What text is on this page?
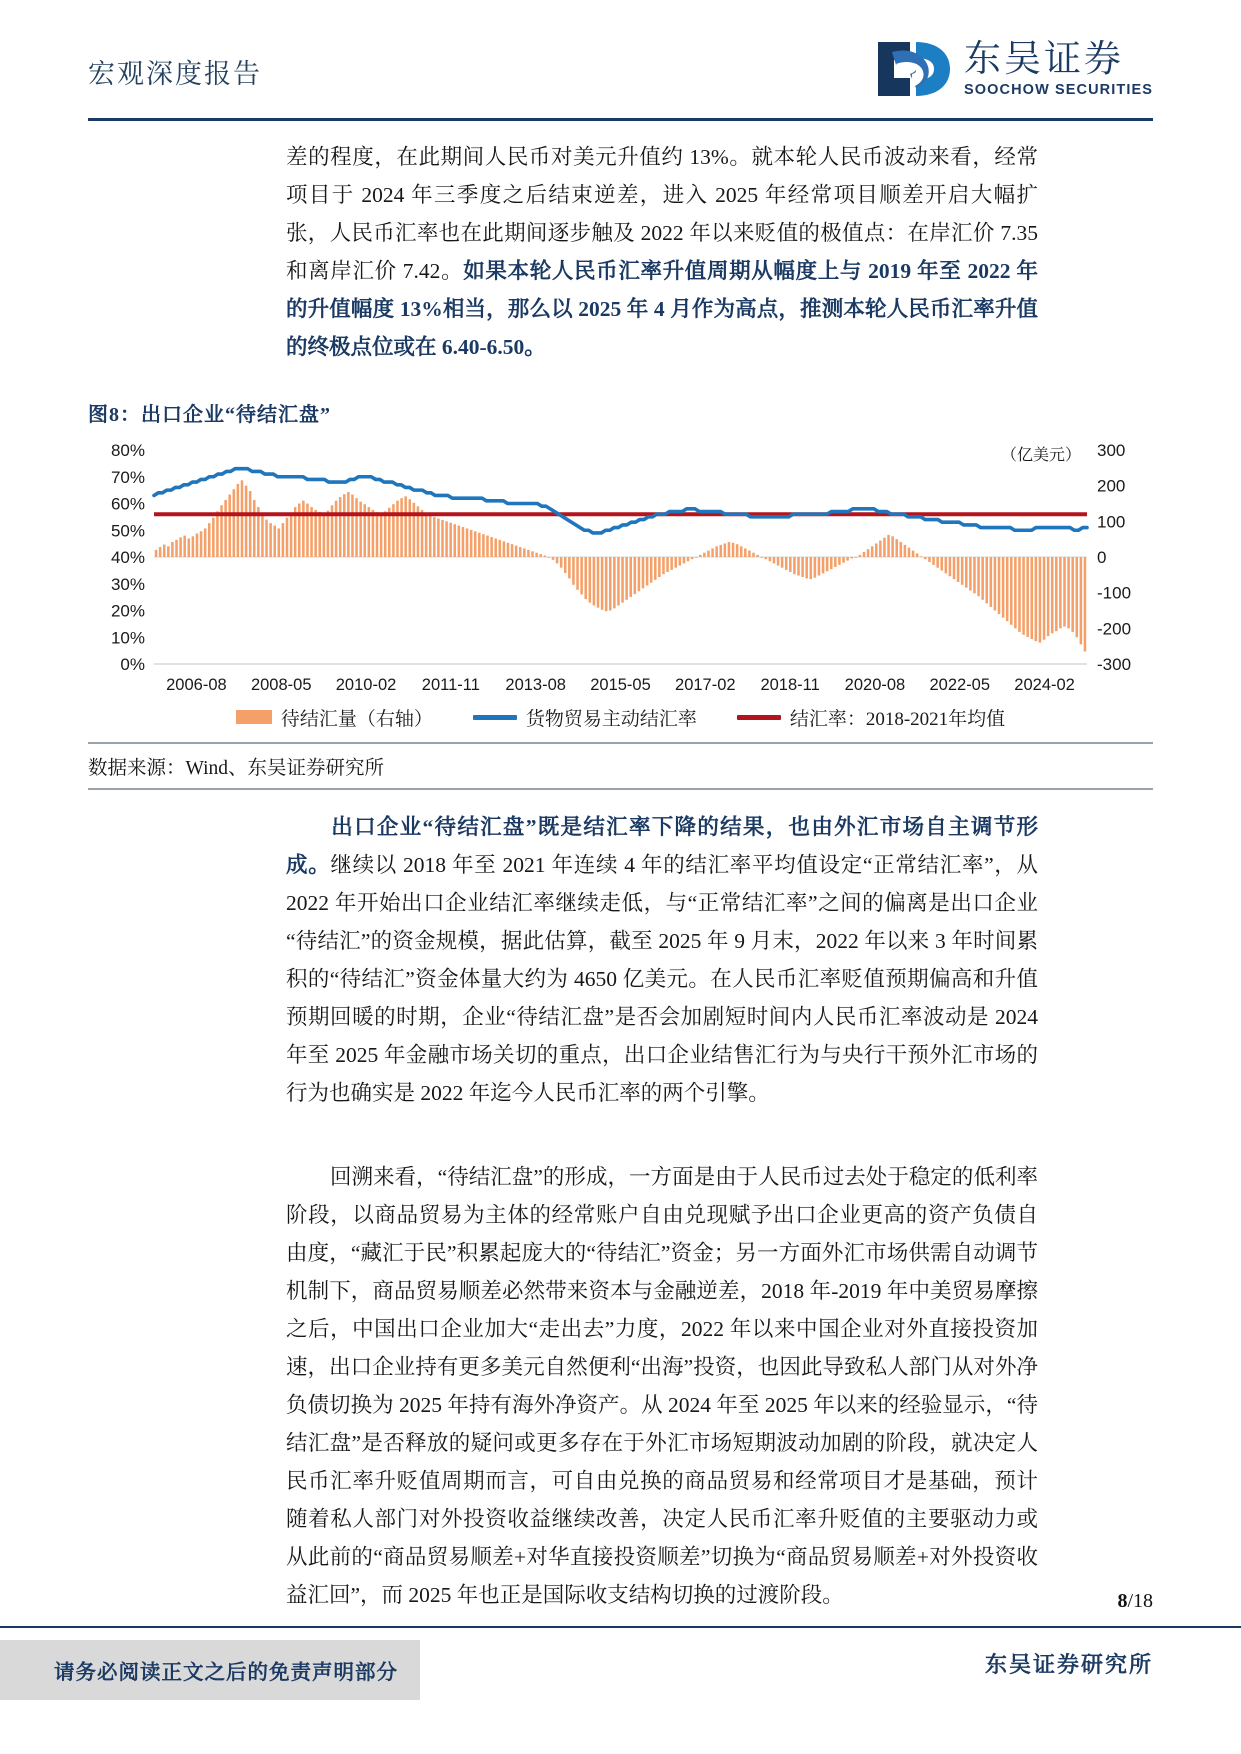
宏观深度报告	东吴证券
SOOCHOW SECURITIES
差的程度，在此期间人民币对美元升值约 13%。就本轮人民币波动来看，经常项目于 2024 年三季度之后结束逆差，进入 2025 年经常项目顺差开启大幅扩张，人民币汇率也在此期间逐步触及 2022 年以来贬值的极值点：在岸汇价 7.35 和离岸汇价 7.42。如果本轮人民币汇率升值周期从幅度上与 2019 年至 2022 年的升值幅度 13%相当，那么以 2025 年 4 月作为高点，推测本轮人民币汇率升值的终极点位或在 6.40-6.50。
图8：出口企业“待结汇盘”
0%
10%
20%
30%
40%
50%
60%
70%
80%
-300
-200
-100
0
100
200
300
（亿美元）
2006-08 2008-05 2010-02 2011-11 2013-08 2015-05 2017-02 2018-11 2020-08 2022-05 2024-02
待结汇量（右轴）	货物贸易主动结汇率	结汇率：2018-2021年均值
数据来源：Wind、东吴证券研究所
出口企业“待结汇盘”既是结汇率下降的结果，也由外汇市场自主调节形成。继续以 2018 年至 2021 年连续 4 年的结汇率平均值设定“正常结汇率”，从 2022 年开始出口企业结汇率继续走低，与“正常结汇率”之间的偏离是出口企业“待结汇”的资金规模，据此估算，截至 2025 年 9 月末，2022 年以来 3 年时间累积的“待结汇”资金体量大约为 4650 亿美元。在人民币汇率贬值预期偏高和升值预期回暖的时期，企业“待结汇盘”是否会加剧短时间内人民币汇率波动是 2024 年至 2025 年金融市场关切的重点，出口企业结售汇行为与央行干预外汇市场的行为也确实是 2022 年迄今人民币汇率的两个引擎。
回溯来看，“待结汇盘”的形成，一方面是由于人民币过去处于稳定的低利率阶段，以商品贸易为主体的经常账户自由兑现赋予出口企业更高的资产负债自由度，“藏汇于民”积累起庞大的“待结汇”资金；另一方面外汇市场供需自动调节机制下，商品贸易顺差必然带来资本与金融逆差，2018 年-2019 年中美贸易摩擦之后，中国出口企业加大“走出去”力度，2022 年以来中国企业对外直接投资加速，出口企业持有更多美元自然便利“出海”投资，也因此导致私人部门从对外净负债切换为 2025 年持有海外净资产。从 2024 年至 2025 年以来的经验显示，“待结汇盘”是否释放的疑问或更多存在于外汇市场短期波动加剧的阶段，就决定人民币汇率升贬值周期而言，可自由兑换的商品贸易和经常项目才是基础，预计随着私人部门对外投资收益继续改善，决定人民币汇率升贬值的主要驱动力或从此前的“商品贸易顺差+对华直接投资顺差”切换为“商品贸易顺差+对外投资收益汇回”，而 2025 年也正是国际收支结构切换的过渡阶段。	8/18
请务必阅读正文之后的免责声明部分	东吴证券研究所
